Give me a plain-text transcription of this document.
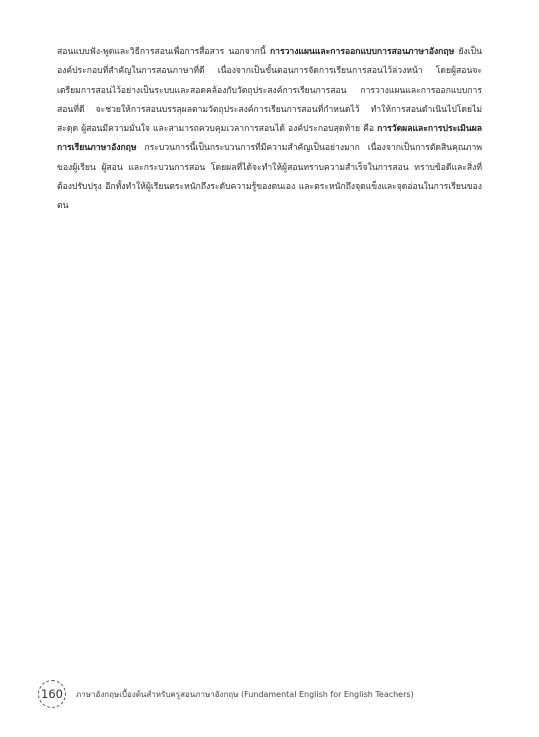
สอนแบบฟัง-พูดและวิธีการสอนเพื่อการสื่อสาร นอกจากนี้ การวางแผนและการออกแบบการสอนภาษาอังกฤษ ยังเป็นองค์ประกอบที่สำคัญในการสอนภาษาที่ดี เนื่องจากเป็นขั้นตอนการจัดการเรียนการสอนไว้ล่วงหน้า โดยผู้สอนจะเตรียมการสอนไว้อย่างเป็นระบบและสอดคล้องกับวัตถุประสงค์การเรียนการสอน การวางแผนและการออกแบบการสอนที่ดี จะช่วยให้การสอนบรรลุผลตามวัตถุประสงค์การเรียนการสอนที่กำหนดไว้ ทำให้การสอนดำเนินไปโดยไม่สะดุด ผู้สอนมีความมั่นใจ และสามารถควบคุมเวลาการสอนได้ องค์ประกอบสุดท้าย คือ การวัดผลและการประเมินผลการเรียนภาษาอังกฤษ กระบวนการนี้เป็นกระบวนการที่มีความสำคัญเป็นอย่างมาก เนื่องจากเป็นการตัดสินคุณภาพของผู้เรียน ผู้สอน และกระบวนการสอน โดยผลที่ได้จะทำให้ผู้สอนทราบความสำเร็จในการสอน ทราบข้อดีและสิ่งที่ต้องปรับปรุง อีกทั้งทำให้ผู้เรียนตระหนักถึงระดับความรู้ของตนเอง และตระหนักถึงจุดแข็งและจุดอ่อนในการเรียนของตน

160	ภาษาอังกฤษเบื้องต้นสำหรับครูสอนภาษาอังกฤษ (Fundamental English for English Teachers)
